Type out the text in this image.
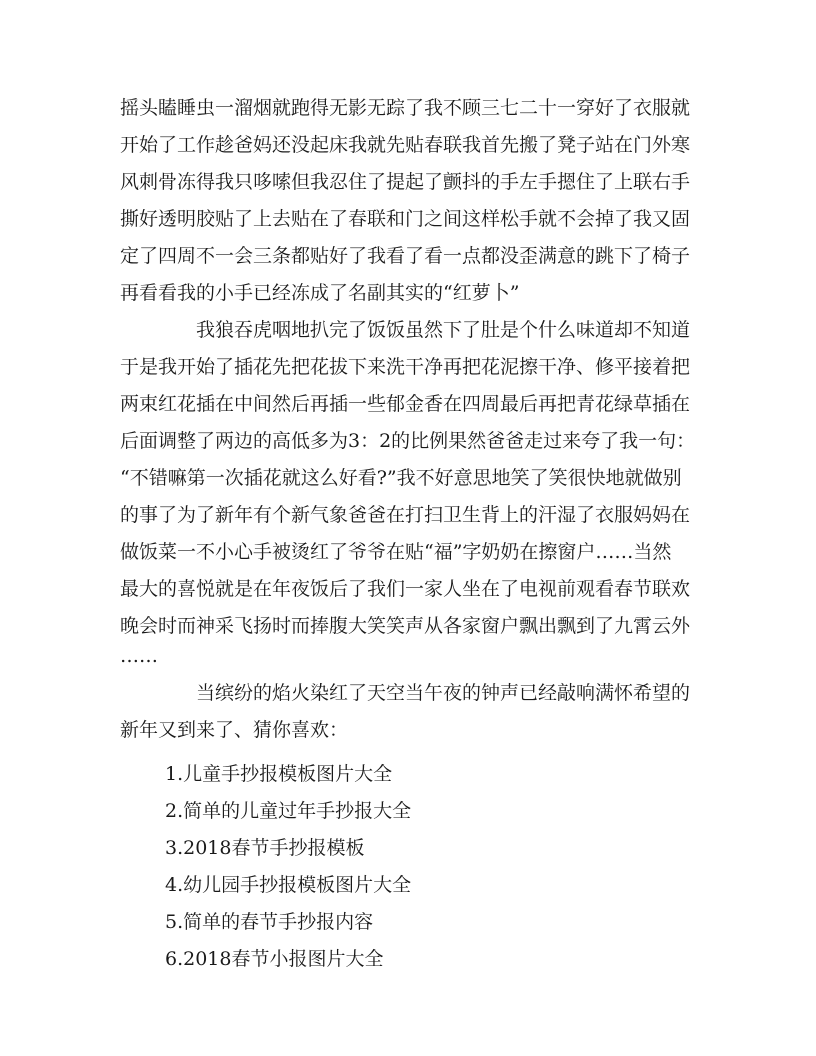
摇头瞌睡虫一溜烟就跑得无影无踪了我不顾三七二十一穿好了衣服就
开始了工作趁爸妈还没起床我就先贴春联我首先搬了凳子站在门外寒
风刺骨冻得我只哆嗦但我忍住了提起了颤抖的手左手摁住了上联右手
撕好透明胶贴了上去贴在了春联和门之间这样松手就不会掉了我又固
定了四周不一会三条都贴好了我看了看一点都没歪满意的跳下了椅子
再看看我的小手已经冻成了名副其实的“红萝卜”
　　　　我狼吞虎咽地扒完了饭饭虽然下了肚是个什么味道却不知道
于是我开始了插花先把花拔下来洗干净再把花泥擦干净、修平接着把
两束红花插在中间然后再插一些郁金香在四周最后再把青花绿草插在
后面调整了两边的高低多为3：2的比例果然爸爸走过来夸了我一句：
“不错嘛第一次插花就这么好看?”我不好意思地笑了笑很快地就做别
的事了为了新年有个新气象爸爸在打扫卫生背上的汗湿了衣服妈妈在
做饭菜一不小心手被烫红了爷爷在贴“福”字奶奶在擦窗户……当然
最大的喜悦就是在年夜饭后了我们一家人坐在了电视前观看春节联欢
晚会时而神采飞扬时而捧腹大笑笑声从各家窗户飘出飘到了九霄云外
……
　　　　当缤纷的焰火染红了天空当午夜的钟声已经敲响满怀希望的
新年又到来了、猜你喜欢：
1.儿童手抄报模板图片大全
2.简单的儿童过年手抄报大全
3.2018春节手抄报模板
4.幼儿园手抄报模板图片大全
5.简单的春节手抄报内容
6.2018春节小报图片大全
